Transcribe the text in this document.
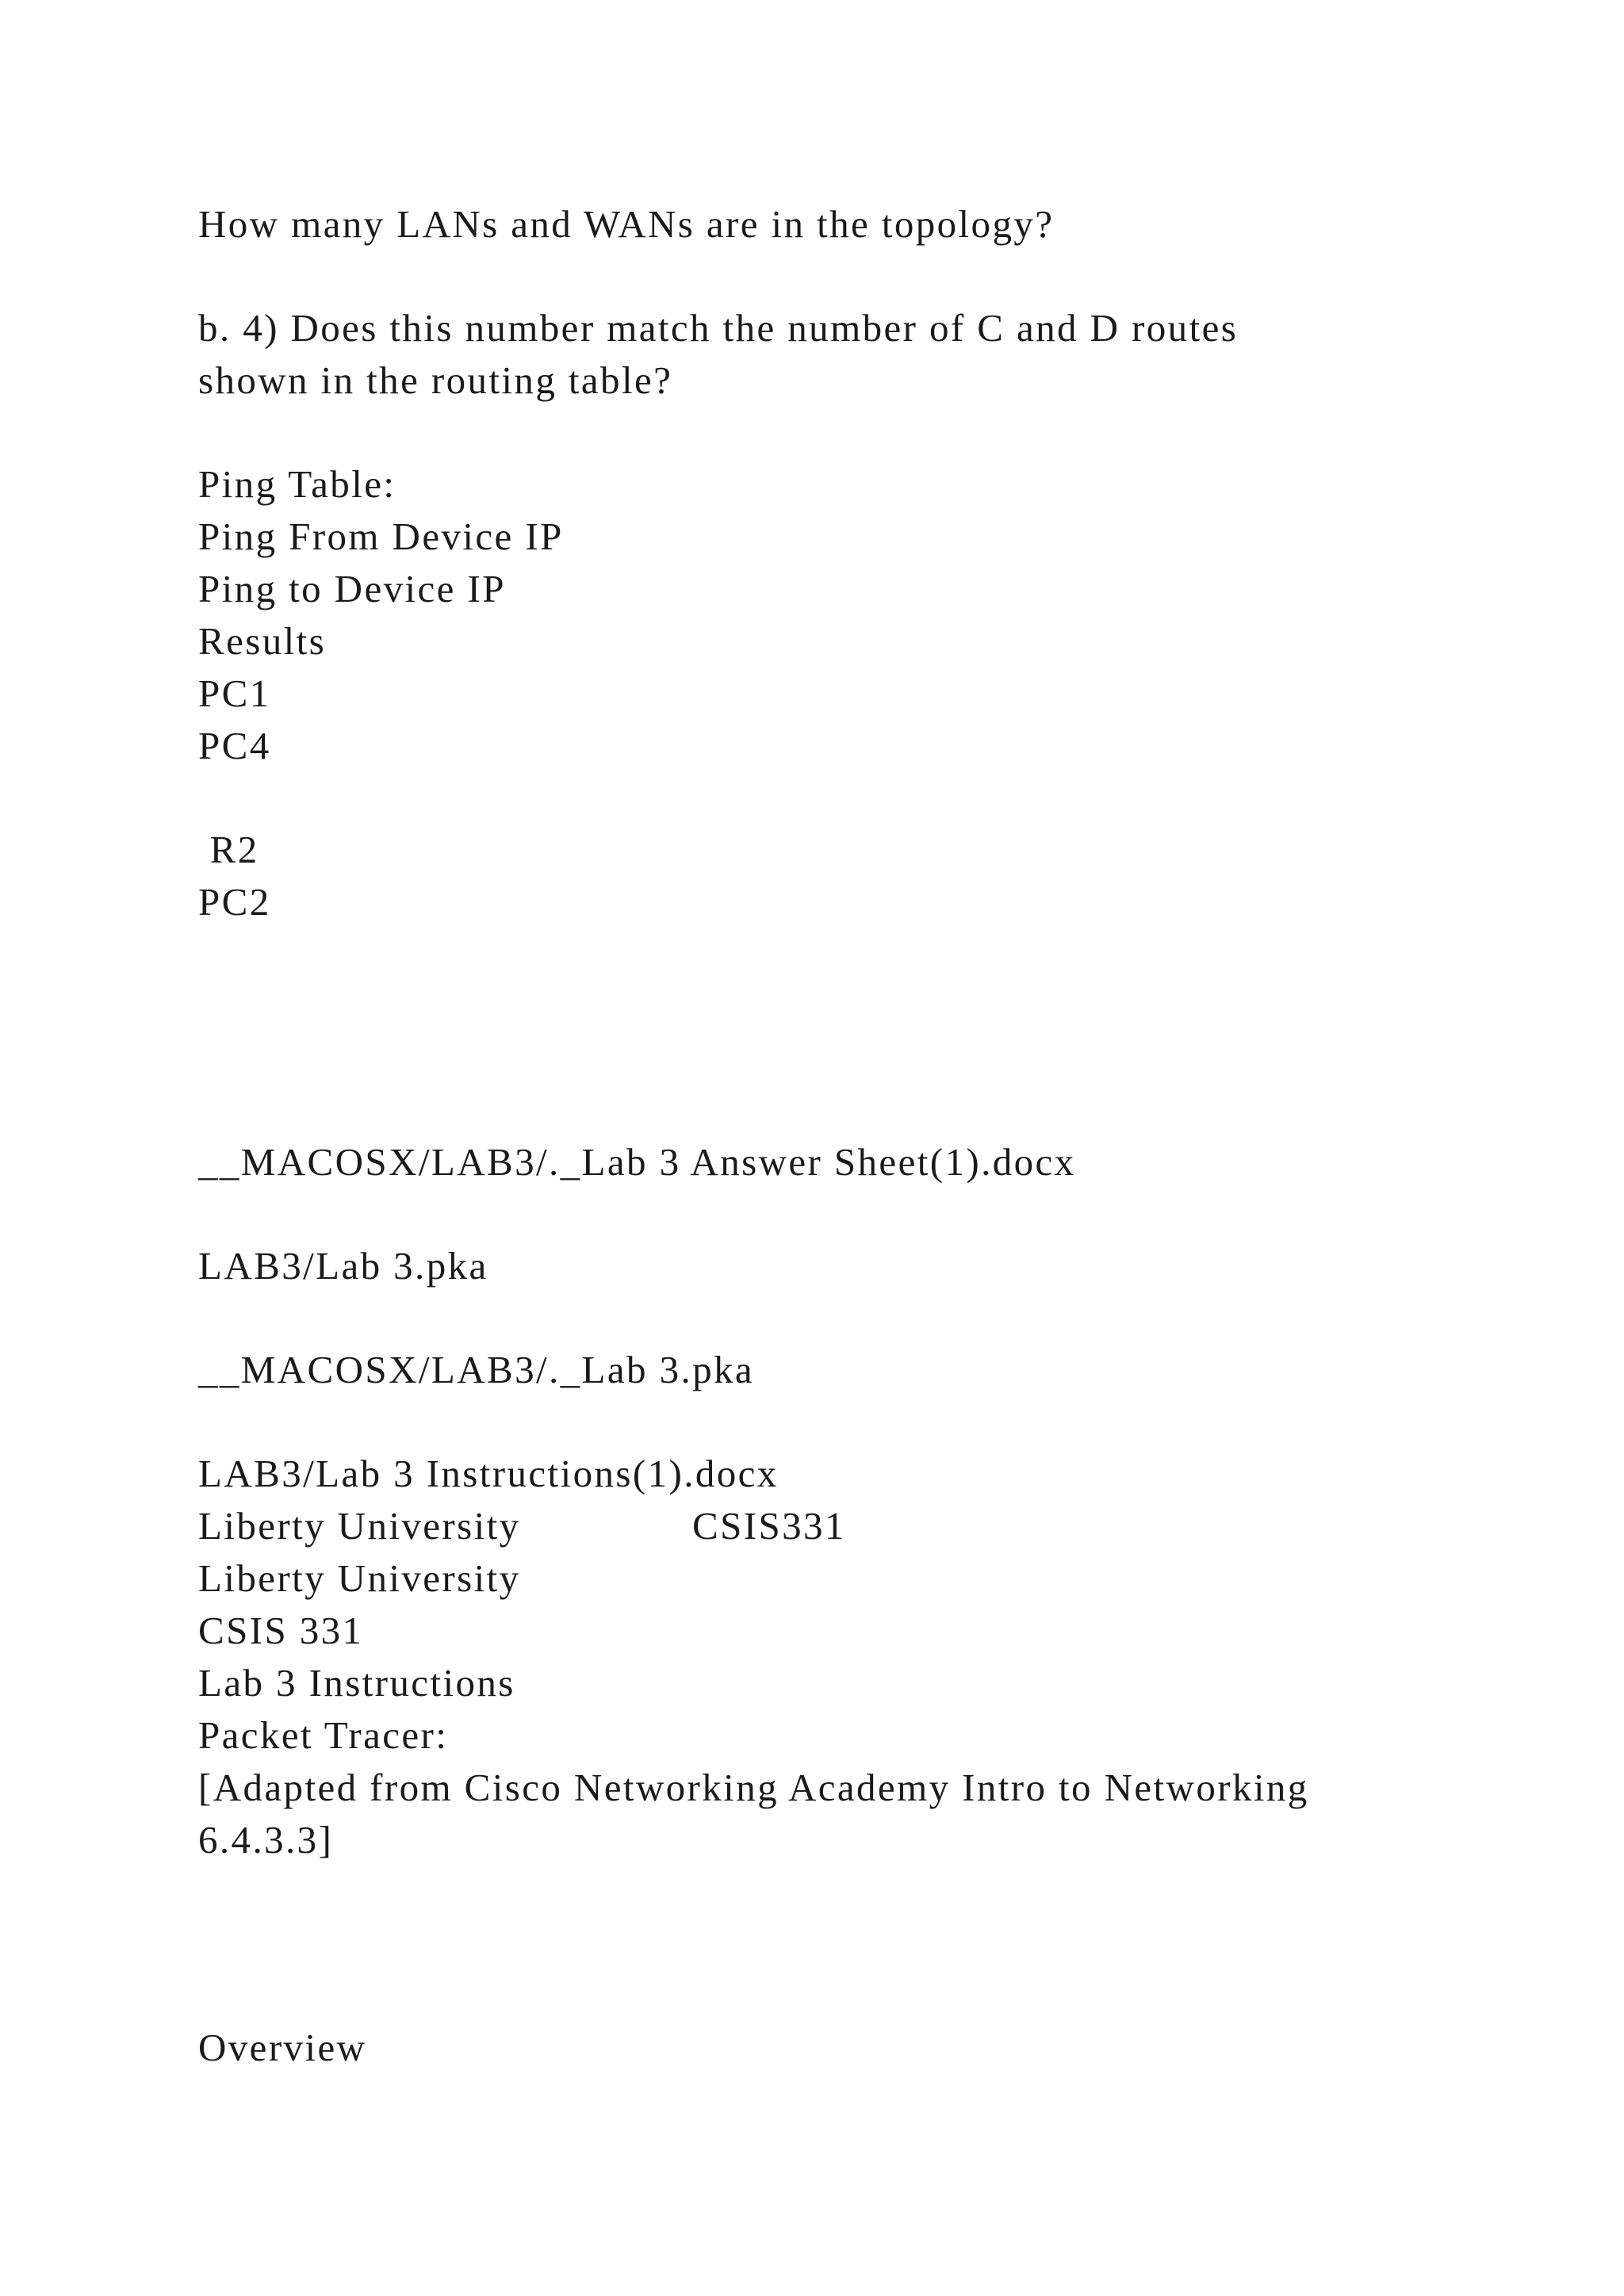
How many LANs and WANs are in the topology?
b. 4) Does this number match the number of C and D routes
shown in the routing table?
Ping Table:
Ping From Device IP
Ping to Device IP
Results
PC1
PC4
R2
PC2
__MACOSX/LAB3/._Lab 3 Answer Sheet(1).docx
LAB3/Lab 3.pka
__MACOSX/LAB3/._Lab 3.pka
LAB3/Lab 3 Instructions(1).docx
Liberty University	CSIS331
Liberty University
CSIS 331
Lab 3 Instructions
Packet Tracer:
[Adapted from Cisco Networking Academy Intro to Networking
6.4.3.3]
Overview
